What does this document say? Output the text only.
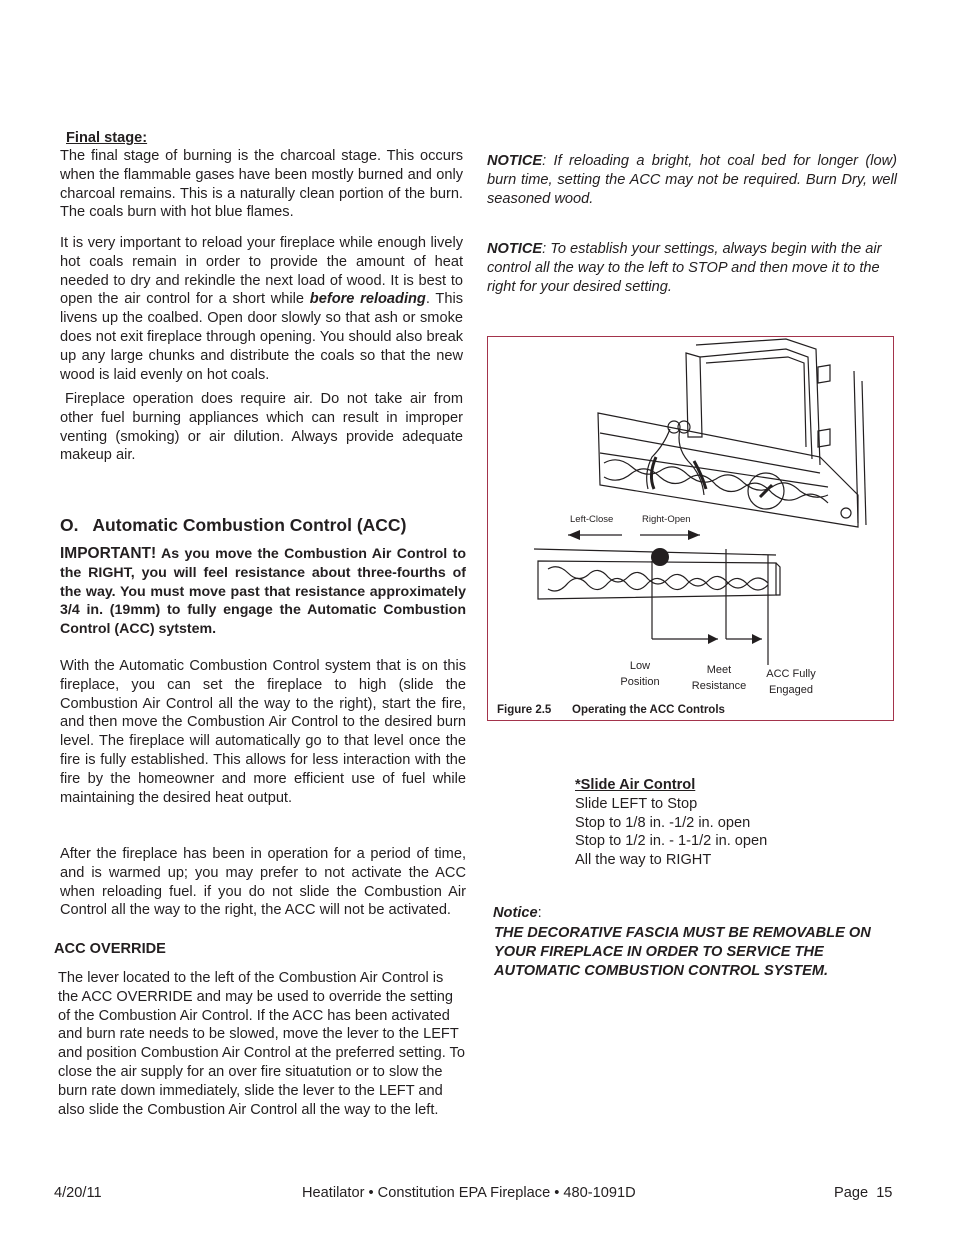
Final stage:

The final stage of burning is the charcoal stage. This occurs when the flammable gases have been mostly burned and only charcoal remains. This is a naturally clean portion of the burn. The coals burn with hot blue flames.

It is very important to reload your fireplace while enough lively hot coals remain in order to provide the amount of heat needed to dry and rekindle the next load of wood. It is best to open the air control for a short while before reloading. This livens up the coalbed. Open door slowly so that ash or smoke does not exit fireplace through opening. You should also break up any large chunks and distribute the coals so that the new wood is laid evenly on hot coals.

Fireplace operation does require air. Do not take air from other fuel burning appliances which can result in improper venting (smoking) or air dilution. Always provide adequate makeup air.

O.   Automatic Combustion Control (ACC)

IMPORTANT! As you move the Combustion Air Control to the RIGHT, you will feel resistance about three-fourths of the way. You must move past that resistance approximately 3/4 in. (19mm) to fully engage the Automatic Combustion Control (ACC) sytstem.

With the Automatic Combustion Control system that is on this fireplace, you can set the fireplace to high (slide the Combustion Air Control all the way to the right), start the fire, and then move the Combustion Air Control to the desired burn level. The fireplace will automatically go to that level once the fire is fully established. This allows for less interaction with the fire by the homeowner and more efficient use of fuel while maintaining the desired heat output.

After the fireplace has been in operation for a period of time, and is warmed up; you may prefer to not activate the ACC when reloading fuel. if you do not slide the Combustion Air Control all the way to the right, the ACC will not be activated.

ACC OVERRIDE

The lever located to the left of the Combustion Air Control is the ACC OVERRIDE and may be used to override the setting of the Combustion Air Control. If the ACC has been activated and burn rate needs to be slowed, move the lever to the LEFT and position Combustion Air Control at the preferred setting. To close the air supply for an over fire situatution or to slow the burn rate down immediately, slide the lever to the LEFT and also slide the Combustion Air Control all the way to the left.

NOTICE: If reloading a bright, hot coal bed for longer (low) burn time, setting the ACC may not be required. Burn Dry, well seasoned wood.

NOTICE: To establish your settings, always begin with the air control all the way to the left to STOP and then move it to the right for your desired setting.

Left-Close	Right-Open
Low
Position
Meet
Resistance
ACC Fully
Engaged
Figure 2.5 Operating the ACC Controls
*Slide Air Control
Slide LEFT to Stop
Stop to 1/8 in. -1/2 in. open
Stop to 1/2 in. - 1-1/2 in. open
All the way to RIGHT
Notice:

THE DECORATIVE FASCIA MUST BE REMOVABLE ON YOUR FIREPLACE IN ORDER TO SERVICE THE AUTOMATIC COMBUSTION CONTROL SYSTEM.

4/20/11	Heatilator • Constitution EPA Fireplace • 480-1091D	Page  15
